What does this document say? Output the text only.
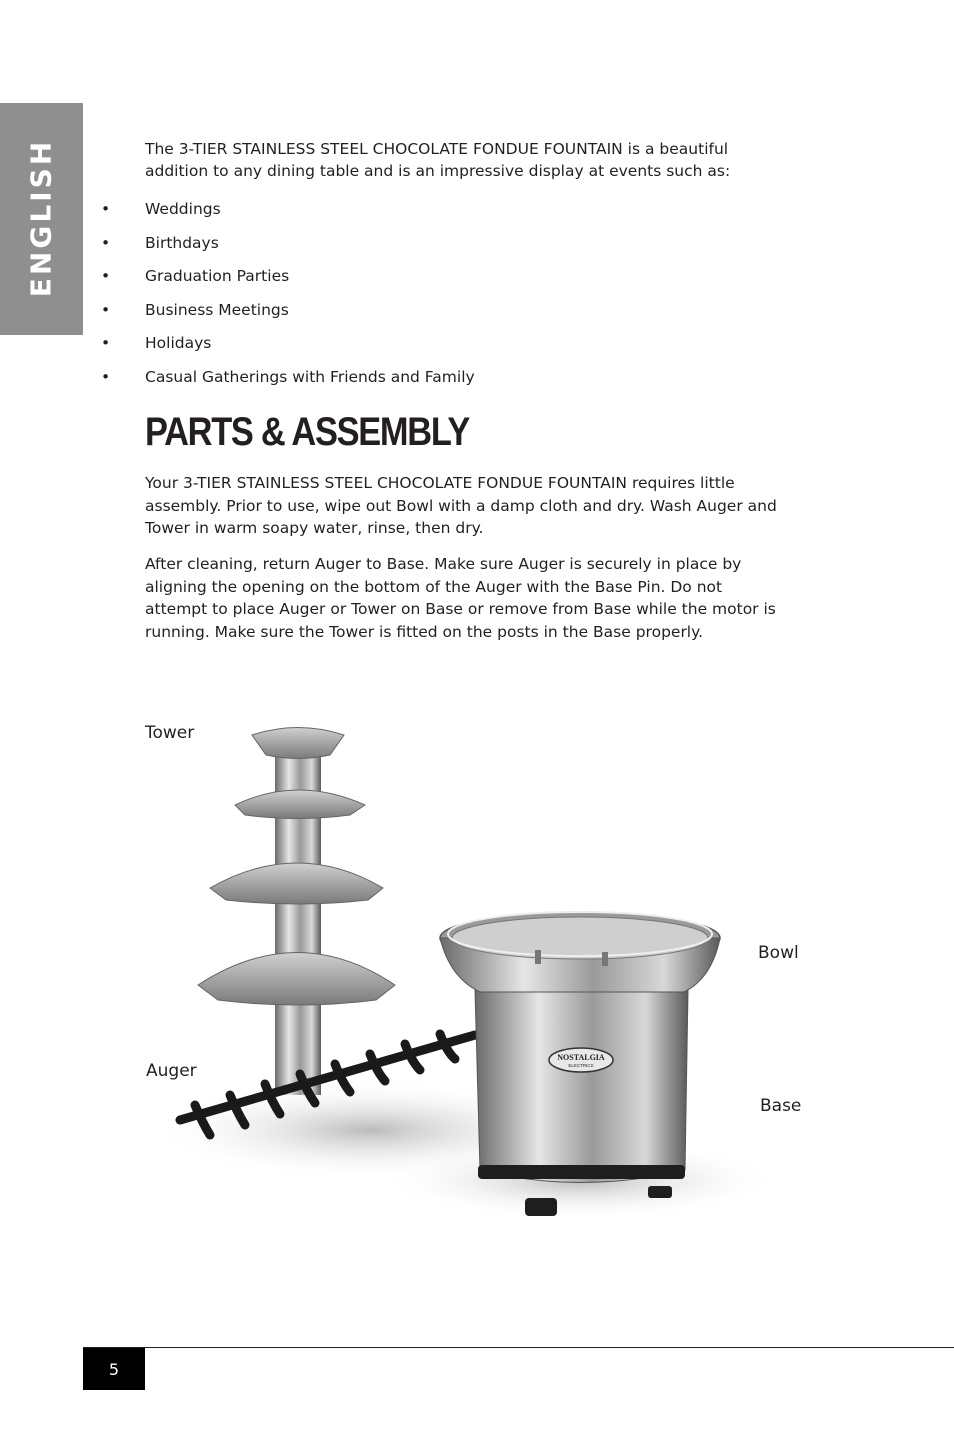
ENGLISH	The 3-TIER STAINLESS STEEL CHOCOLATE FONDUE FOUNTAIN is a beautiful addition to any dining table and is an impressive display at events such as:

• Weddings
• Birthdays
• Graduation Parties
• Business Meetings
• Holidays
• Casual Gatherings with Friends and Family
PARTS & ASSEMBLY

Your 3-TIER STAINLESS STEEL CHOCOLATE FONDUE FOUNTAIN requires little assembly. Prior to use, wipe out Bowl with a damp cloth and dry. Wash Auger and Tower in warm soapy water, rinse, then dry.

After cleaning, return Auger to Base. Make sure Auger is securely in place by aligning the opening on the bottom of the Auger with the Base Pin. Do not attempt to place Auger or Tower on Base or remove from Base while the motor is running. Make sure the Tower is fitted on the posts in the Base properly.

NOSTALGIA
ELECTRICS
Tower
Bowl
Auger
Base
5
